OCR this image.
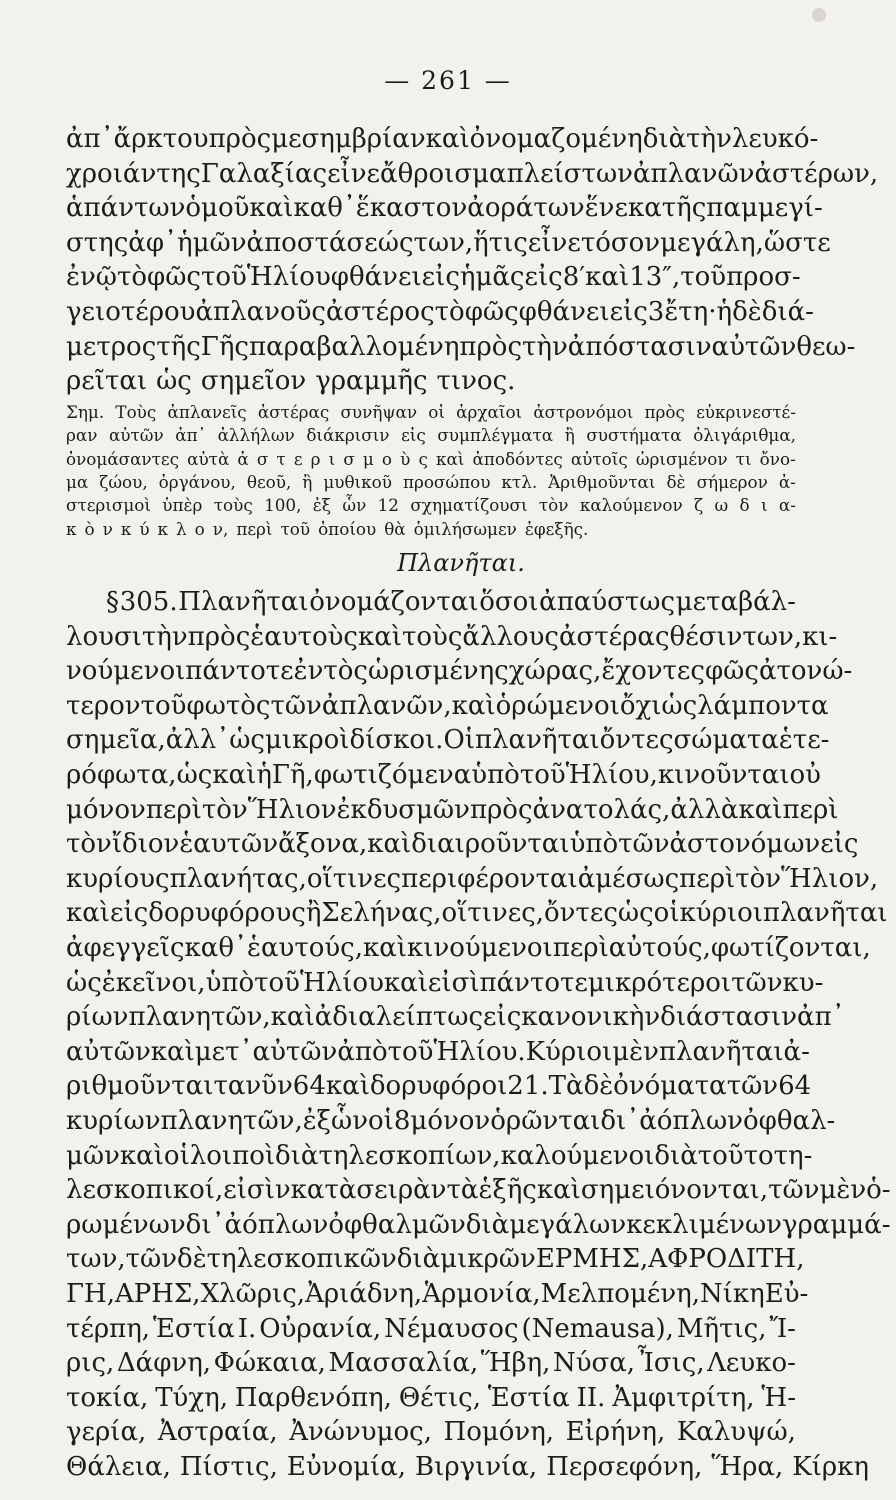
— 261 —
ἀπ᾽ ἄρκτου πρὸς μεσημβρίαν καὶ ὀνομαζομένη διὰ τὴν λευκό-
χροιάν της Γαλαξίας εἶνε ἄθροισμα πλείστων ἀπλανῶν ἀστέρων,
ἁπάντων ὁμοῦ καὶ καθ᾽ ἕκαστον ἀοράτων ἕνεκα τῆς παμμεγί-
στης ἀφ᾽ ἡμῶν ἀποστάσεώς των, ἥτις εἶνε τόσον μεγάλη, ὥστε
ἐνῷ τὸ φῶς τοῦ Ἡλίου φθάνει εἰς ἡμᾶς εἰς 8′ καὶ 13″, τοῦ προσ-
γειοτέρου ἀπλανοῦς ἀστέρος τὸ φῶς φθάνει εἰς 3 ἔτη· ἡ δὲ διά-
μετρος τῆς Γῆς παραβαλλομένη πρὸς τὴν ἀπόστασιν αὐτῶν θεω-
ρεῖται ὡς σημεῖον γραμμῆς τινος.
Σημ. Τοὺς ἀπλανεῖς ἀστέρας συνῆψαν οἱ ἀρχαῖοι ἀστρονόμοι πρὸς εὐκρινεστέ-
ραν αὐτῶν ἀπ᾽ ἀλλήλων διάκρισιν εἰς συμπλέγματα ἢ συστήματα ὀλιγάριθμα,
ὀνομάσαντες αὐτὰ ἀ σ τ ε ρ ι σ μ ο ὺ ς καὶ ἀποδόντες αὐτοῖς ὡρισμένον τι ὄνο-
μα ζώου, ὀργάνου, θεοῦ, ἢ μυθικοῦ προσώπου κτλ. Ἀριθμοῦνται δὲ σήμερον ἀ-
στερισμοὶ ὑπὲρ τοὺς 100, ἐξ ὧν 12 σχηματίζουσι τὸν καλούμενον ζ ω δ ι α-
κ ὸ ν κ ύ κ λ ο ν, περὶ τοῦ ὁποίου θὰ ὁμιλήσωμεν ἐφεξῆς.
Πλανῆται.
§ 305. Πλανῆται ὀνομάζονται ὅσοι ἀπαύστως μεταβάλ-
λουσι τὴν πρὸς ἑαυτοὺς καὶ τοὺς ἄλλους ἀστέρας θέσιν των, κι-
νούμενοι πάντοτε ἐντὸς ὡρισμένης χώρας, ἔχοντες φῶς ἀτονώ-
τερον τοῦ φωτὸς τῶν ἀπλανῶν, καὶ ὁρώμενοι ὄχι ὡς λάμποντα
σημεῖα, ἀλλ᾽ ὡς μικροὶ δίσκοι. Οἱ πλανῆται ὄντες σώματα ἑτε-
ρόφωτα, ὡς καὶ ἡ Γῆ, φωτιζόμενα ὑπὸ τοῦ Ἡλίου, κινοῦνται οὐ
μόνον περὶ τὸν Ἥλιον ἐκ δυσμῶν πρὸς ἀνατολάς, ἀλλὰ καὶ περὶ
τὸν ἴδιον ἑαυτῶν ἄξονα, καὶ διαιροῦνται ὑπὸ τῶν ἀστονόμων εἰς
κυρίους πλανήτας, οἵτινες περιφέρονται ἀμέσως περὶ τὸν Ἥλιον,
καὶ εἰς δορυφόρους ἢ Σελήνας, οἵτινες, ὄντες ὡς οἱ κύριοι πλανῆται
ἀφεγγεῖς καθ᾽ ἑαυτούς, καὶ κινούμενοι περὶ αὐτούς, φωτίζονται,
ὡς ἐκεῖνοι, ὑπὸ τοῦ Ἡλίου καὶ εἰσὶ πάντοτε μικρότεροι τῶν κυ-
ρίων πλανητῶν, καὶ ἀδιαλείπτως εἰς κανονικὴν διάστασιν ἀπ᾽
αὐτῶν καὶ μετ᾽ αὐτῶν ἀπὸ τοῦ Ἡλίου. Κύριοι μὲν πλανῆται ἀ-
ριθμοῦνται τανῦν 64 καὶ δορυφόροι 21. Τὰ δὲ ὀνόματα τῶν 64
κυρίων πλανητῶν, ἐξ ὧν οἱ 8 μόνον ὁρῶνται δι᾽ ἀόπλων ὀφθαλ-
μῶν καὶ οἱ λοιποὶ διὰ τηλεσκοπίων, καλούμενοι διὰ τοῦτο τη-
λεσκοπικοί, εἰσὶν κατὰ σειρὰν τὰ ἑξῆς καὶ σημειόνονται, τῶν μὲν ὁ-
ρωμένων δι᾽ ἀόπλων ὀφθαλμῶν διὰ μεγάλων κεκλιμένων γραμμά-
των, τῶν δὲ τηλεσκοπικῶν διὰ μικρῶν ΕΡΜΗΣ, ΑΦΡΟΔΙΤΗ,
ΓΗ, ΑΡΗΣ, Χλῶρις, Ἀριάδνη, Ἁρμονία, Μελπομένη, Νίκη Εὐ-
τέρπη, Ἑστία Ι. Οὐρανία, Νέμαυσος (Nemausa), Μῆτις, Ἴ-
ρις, Δάφνη, Φώκαια, Μασσαλία, Ἥβη, Νύσα, Ἶσις, Λευκο-
τοκία, Τύχη, Παρθενόπη, Θέτις, Ἑστία ΙΙ. Ἀμφιτρίτη, Ἡ-
γερία, Ἀστραία, Ἀνώνυμος, Πομόνη, Εἰρήνη, Καλυψώ,
Θάλεια, Πίστις, Εὐνομία, Βιργινία, Περσεφόνη, Ἥρα, Κίρκη
